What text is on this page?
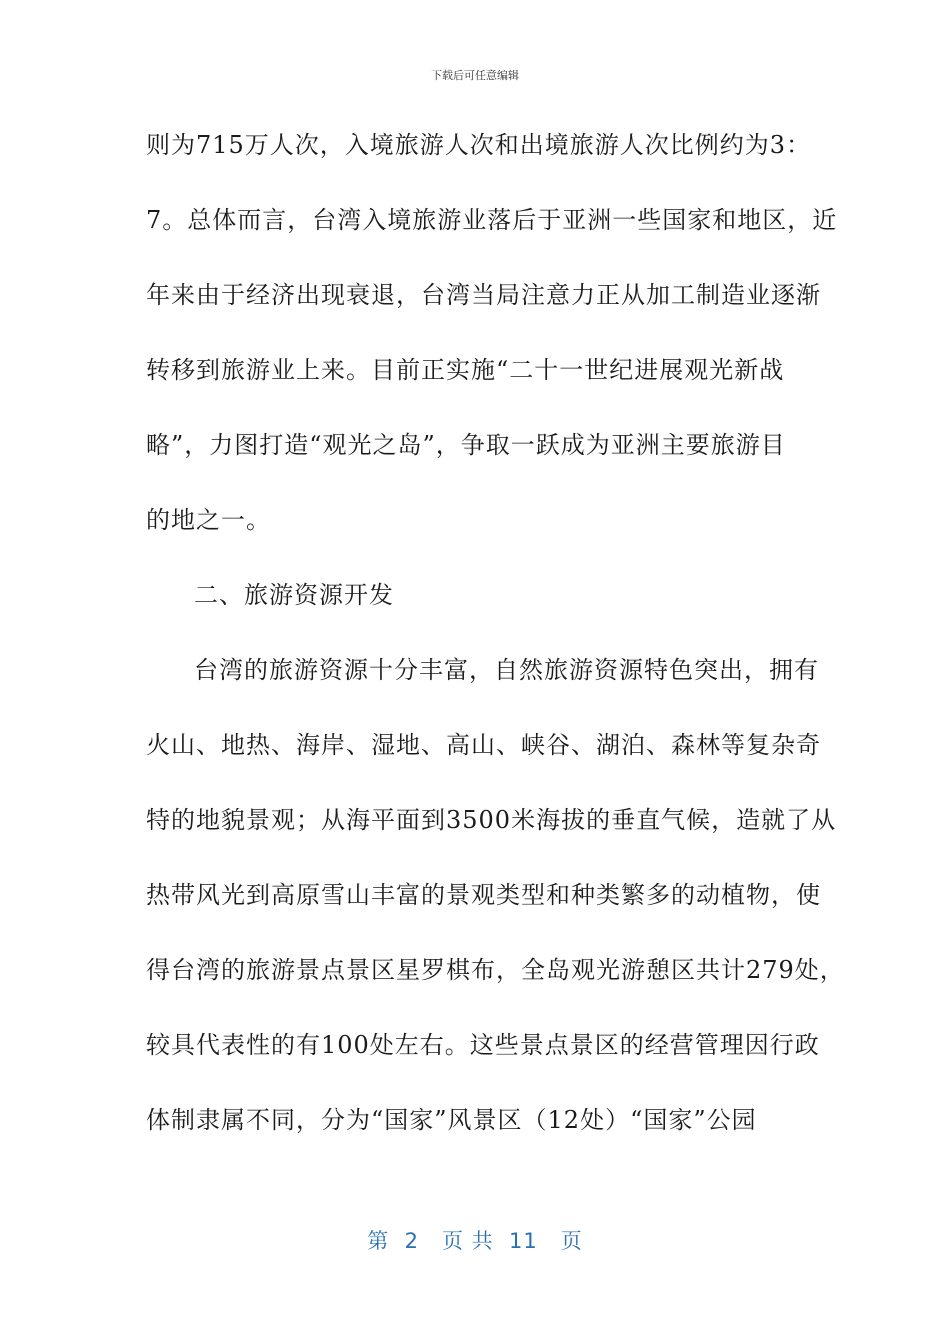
下载后可任意编辑
则为715万人次，入境旅游人次和出境旅游人次比例约为3：
7。总体而言，台湾入境旅游业落后于亚洲一些国家和地区，近
年来由于经济出现衰退，台湾当局注意力正从加工制造业逐渐
转移到旅游业上来。目前正实施“二十一世纪进展观光新战
略”，力图打造“观光之岛”，争取一跃成为亚洲主要旅游目
的地之一。
二、旅游资源开发
台湾的旅游资源十分丰富，自然旅游资源特色突出，拥有
火山、地热、海岸、湿地、高山、峡谷、湖泊、森林等复杂奇
特的地貌景观；从海平面到3500米海拔的垂直气候，造就了从
热带风光到高原雪山丰富的景观类型和种类繁多的动植物，使
得台湾的旅游景点景区星罗棋布，全岛观光游憩区共计279处，
较具代表性的有100处左右。这些景点景区的经营管理因行政
体制隶属不同，分为“国家”风景区（12处）“国家”公园
第  2   页 共  11   页
